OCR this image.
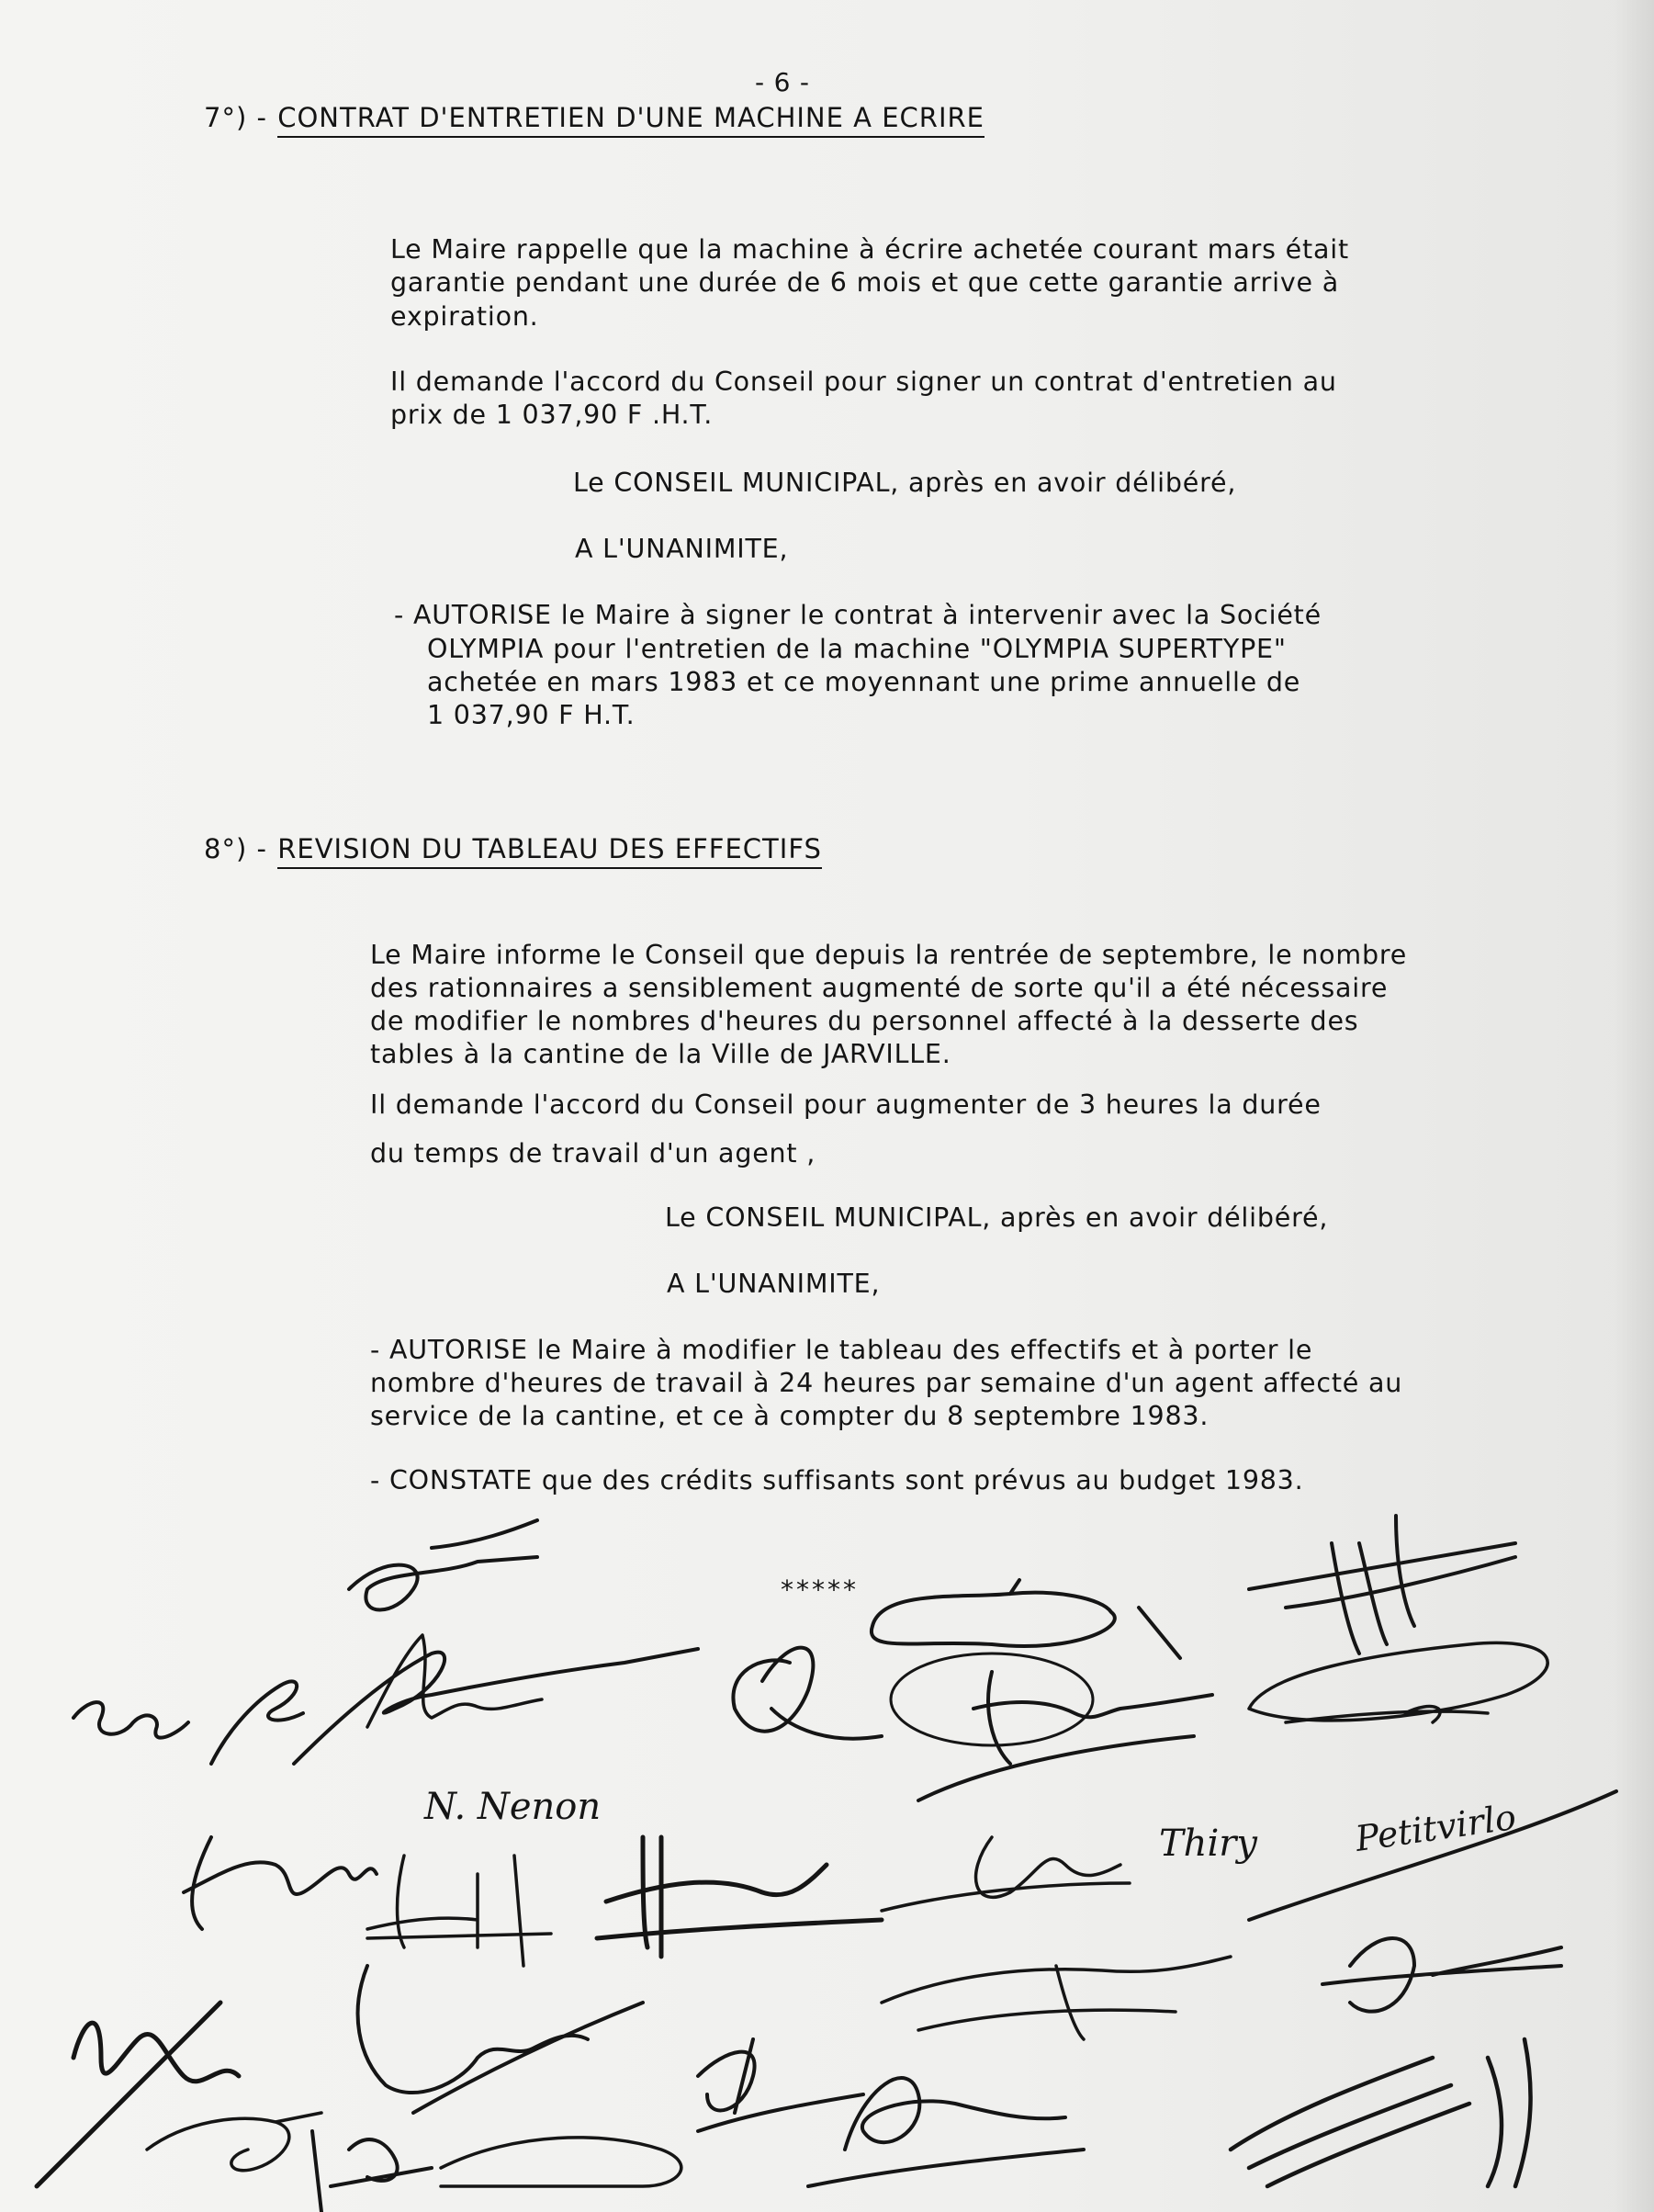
- 6 -
7°) - CONTRAT D'ENTRETIEN D'UNE MACHINE A ECRIRE
Le Maire rappelle que la machine à écrire achetée courant mars était
garantie pendant une durée de 6 mois et que cette garantie arrive à
expiration.
Il demande l'accord du Conseil pour signer un contrat d'entretien au
prix de 1 037,90 F .H.T.
Le CONSEIL MUNICIPAL, après en avoir délibéré,
A L'UNANIMITE,
- AUTORISE le Maire à signer le contrat à intervenir avec la Société
OLYMPIA pour l'entretien de la machine "OLYMPIA SUPERTYPE"
achetée en mars 1983 et ce moyennant une prime annuelle de
1 037,90 F H.T.
8°) - REVISION DU TABLEAU DES EFFECTIFS
Le Maire informe le Conseil que depuis la rentrée de septembre, le nombre
des rationnaires a sensiblement augmenté de sorte qu'il a été nécessaire
de modifier le nombres d'heures du personnel affecté à la desserte des
tables à la cantine de la Ville de JARVILLE.
Il demande l'accord du Conseil pour augmenter de 3 heures la durée
du temps de travail d'un agent ,
Le CONSEIL MUNICIPAL, après en avoir délibéré,
A L'UNANIMITE,
- AUTORISE le Maire à modifier le tableau des effectifs et à porter le
nombre d'heures de travail à 24 heures par semaine d'un agent affecté au
service de la cantine, et ce à compter du 8 septembre 1983.
- CONSTATE que des crédits suffisants sont prévus au budget 1983.
*****
N. Nenon
Thiry	Petitvirlo
